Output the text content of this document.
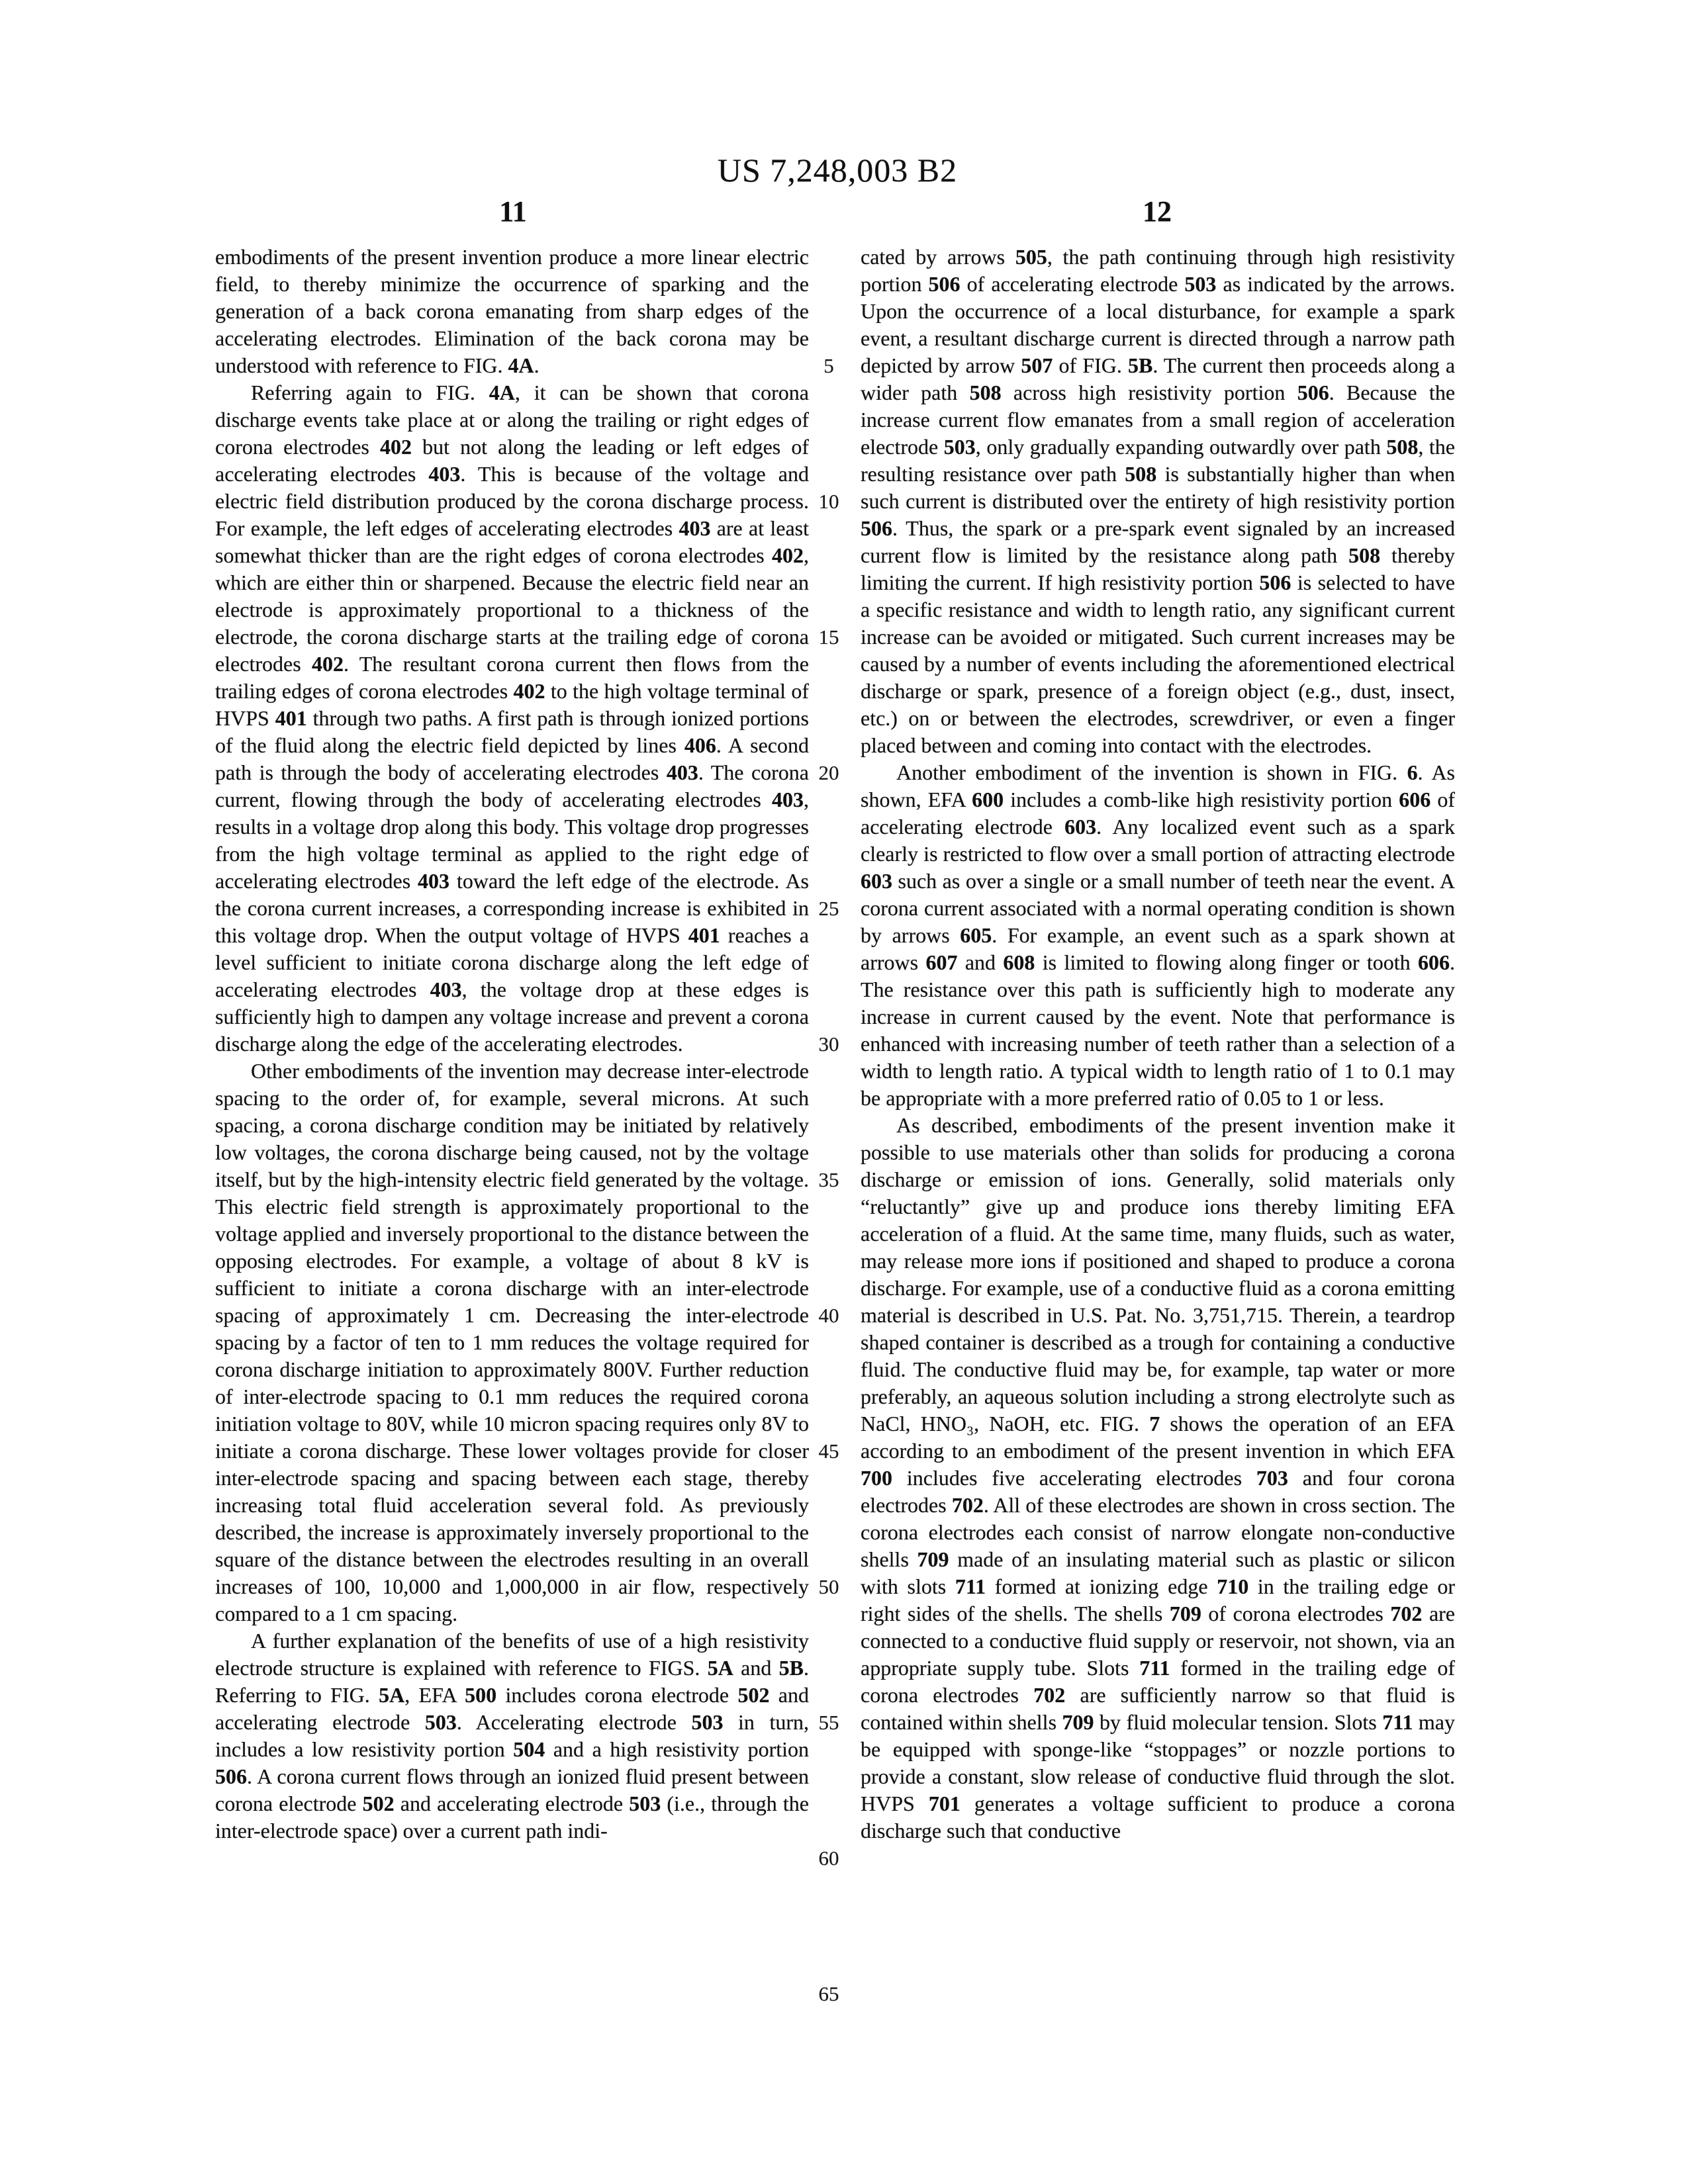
US 7,248,003 B2
11	12

embodiments of the present invention produce a more linear electric field, to thereby minimize the occurrence of sparking and the generation of a back corona emanating from sharp edges of the accelerating electrodes. Elimination of the back corona may be understood with reference to FIG. 4A.

Referring again to FIG. 4A, it can be shown that corona discharge events take place at or along the trailing or right edges of corona electrodes 402 but not along the leading or left edges of accelerating electrodes 403. This is because of the voltage and electric field distribution produced by the corona discharge process. For example, the left edges of accelerating electrodes 403 are at least somewhat thicker than are the right edges of corona electrodes 402, which are either thin or sharpened. Because the electric field near an electrode is approximately proportional to a thickness of the electrode, the corona discharge starts at the trailing edge of corona electrodes 402. The resultant corona current then flows from the trailing edges of corona electrodes 402 to the high voltage terminal of HVPS 401 through two paths. A first path is through ionized portions of the fluid along the electric field depicted by lines 406. A second path is through the body of accelerating electrodes 403. The corona current, flowing through the body of accelerating electrodes 403, results in a voltage drop along this body. This voltage drop progresses from the high voltage terminal as applied to the right edge of accelerating electrodes 403 toward the left edge of the electrode. As the corona current increases, a corresponding increase is exhibited in this voltage drop. When the output voltage of HVPS 401 reaches a level sufficient to initiate corona discharge along the left edge of accelerating electrodes 403, the voltage drop at these edges is sufficiently high to dampen any voltage increase and prevent a corona discharge along the edge of the accelerating electrodes.

Other embodiments of the invention may decrease inter-electrode spacing to the order of, for example, several microns. At such spacing, a corona discharge condition may be initiated by relatively low voltages, the corona discharge being caused, not by the voltage itself, but by the high-intensity electric field generated by the voltage. This electric field strength is approximately proportional to the voltage applied and inversely proportional to the distance between the opposing electrodes. For example, a voltage of about 8 kV is sufficient to initiate a corona discharge with an inter-electrode spacing of approximately 1 cm. Decreasing the inter-electrode spacing by a factor of ten to 1 mm reduces the voltage required for corona discharge initiation to approximately 800V. Further reduction of inter-electrode spacing to 0.1 mm reduces the required corona initiation voltage to 80V, while 10 micron spacing requires only 8V to initiate a corona discharge. These lower voltages provide for closer inter-electrode spacing and spacing between each stage, thereby increasing total fluid acceleration several fold. As previously described, the increase is approximately inversely proportional to the square of the distance between the electrodes resulting in an overall increases of 100, 10,000 and 1,000,000 in air flow, respectively compared to a 1 cm spacing.

A further explanation of the benefits of use of a high resistivity electrode structure is explained with reference to FIGS. 5A and 5B. Referring to FIG. 5A, EFA 500 includes corona electrode 502 and accelerating electrode 503. Accelerating electrode 503 in turn, includes a low resistivity portion 504 and a high resistivity portion 506. A corona current flows through an ionized fluid present between corona electrode 502 and accelerating electrode 503 (i.e., through the inter-electrode space) over a current path indi-

cated by arrows 505, the path continuing through high resistivity portion 506 of accelerating electrode 503 as indicated by the arrows. Upon the occurrence of a local disturbance, for example a spark event, a resultant discharge current is directed through a narrow path depicted by arrow 507 of FIG. 5B. The current then proceeds along a wider path 508 across high resistivity portion 506. Because the increase current flow emanates from a small region of acceleration electrode 503, only gradually expanding outwardly over path 508, the resulting resistance over path 508 is substantially higher than when such current is distributed over the entirety of high resistivity portion 506. Thus, the spark or a pre-spark event signaled by an increased current flow is limited by the resistance along path 508 thereby limiting the current. If high resistivity portion 506 is selected to have a specific resistance and width to length ratio, any significant current increase can be avoided or mitigated. Such current increases may be caused by a number of events including the aforementioned electrical discharge or spark, presence of a foreign object (e.g., dust, insect, etc.) on or between the electrodes, screwdriver, or even a finger placed between and coming into contact with the electrodes.

Another embodiment of the invention is shown in FIG. 6. As shown, EFA 600 includes a comb-like high resistivity portion 606 of accelerating electrode 603. Any localized event such as a spark clearly is restricted to flow over a small portion of attracting electrode 603 such as over a single or a small number of teeth near the event. A corona current associated with a normal operating condition is shown by arrows 605. For example, an event such as a spark shown at arrows 607 and 608 is limited to flowing along finger or tooth 606. The resistance over this path is sufficiently high to moderate any increase in current caused by the event. Note that performance is enhanced with increasing number of teeth rather than a selection of a width to length ratio. A typical width to length ratio of 1 to 0.1 may be appropriate with a more preferred ratio of 0.05 to 1 or less.

As described, embodiments of the present invention make it possible to use materials other than solids for producing a corona discharge or emission of ions. Generally, solid materials only “reluctantly” give up and produce ions thereby limiting EFA acceleration of a fluid. At the same time, many fluids, such as water, may release more ions if positioned and shaped to produce a corona discharge. For example, use of a conductive fluid as a corona emitting material is described in U.S. Pat. No. 3,751,715. Therein, a teardrop shaped container is described as a trough for containing a conductive fluid. The conductive fluid may be, for example, tap water or more preferably, an aqueous solution including a strong electrolyte such as NaCl, HNO₃, NaOH, etc. FIG. 7 shows the operation of an EFA according to an embodiment of the present invention in which EFA 700 includes five accelerating electrodes 703 and four corona electrodes 702. All of these electrodes are shown in cross section. The corona electrodes each consist of narrow elongate non-conductive shells 709 made of an insulating material such as plastic or silicon with slots 711 formed at ionizing edge 710 in the trailing edge or right sides of the shells. The shells 709 of corona electrodes 702 are connected to a conductive fluid supply or reservoir, not shown, via an appropriate supply tube. Slots 711 formed in the trailing edge of corona electrodes 702 are sufficiently narrow so that fluid is contained within shells 709 by fluid molecular tension. Slots 711 may be equipped with sponge-like “stoppages” or nozzle portions to provide a constant, slow release of conductive fluid through the slot. HVPS 701 generates a voltage sufficient to produce a corona discharge such that conductive

5
10
15
20
25
30
35
40
45
50
55
60
65
